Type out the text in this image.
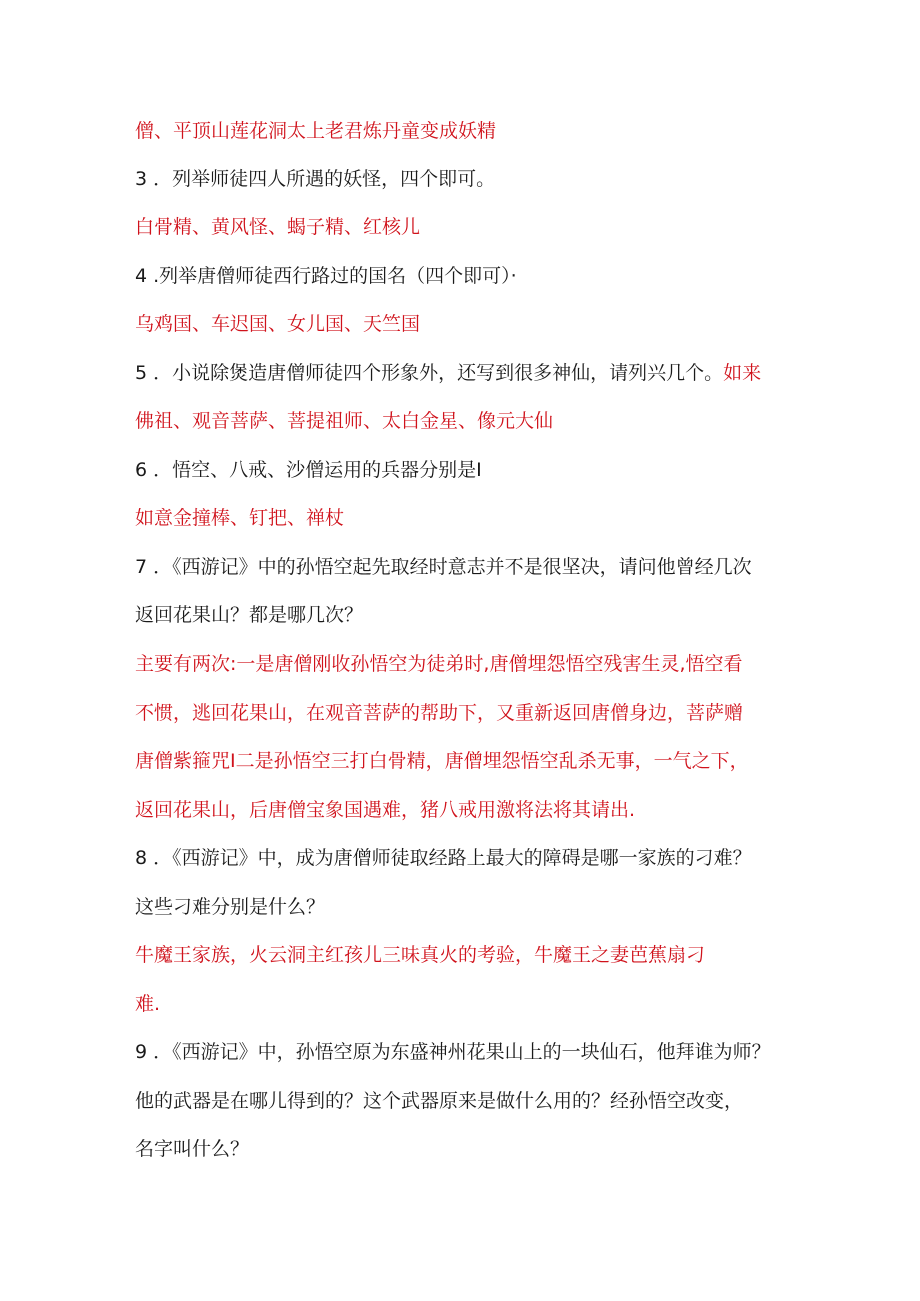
僧、平顶山莲花洞太上老君炼丹童变成妖精
3 ．列举师徒四人所遇的妖怪，四个即可。
白骨精、黄风怪、蝎子精、红核儿
4 .列举唐僧师徒西行路过的国名（四个即可）·
乌鸡国、车迟国、女儿国、天竺国
5 ．小说除煲造唐僧师徒四个形象外，还写到很多神仙，请列兴几个。如来
佛祖、观音菩萨、菩提祖师、太白金星、像元大仙
6 ．悟空、八戒、沙僧运用的兵器分别是I
如意金撞棒、钉把、禅杖
7 ．《西游记》中的孙悟空起先取经时意志并不是很坚决，请问他曾经几次
返回花果山？都是哪几次？
主要有两次:一是唐僧刚收孙悟空为徒弟时,唐僧埋怨悟空残害生灵,悟空看
不惯，逃回花果山，在观音菩萨的帮助下，又重新返回唐僧身边，菩萨赠
唐僧紫箍咒I二是孙悟空三打白骨精，唐僧埋怨悟空乱杀无事，一气之下，
返回花果山，后唐僧宝象国遇难，猪八戒用激将法将其请出.
8 ．《西游记》中，成为唐僧师徒取经路上最大的障碍是哪一家族的刁难？
这些刁难分别是什么？
牛魔王家族，火云洞主红孩儿三味真火的考验，牛魔王之妻芭蕉扇刁
难.
9 ．《西游记》中，孙悟空原为东盛神州花果山上的一块仙石，他拜谁为师？
他的武器是在哪儿得到的？这个武器原来是做什么用的？经孙悟空改变，
名字叫什么？
